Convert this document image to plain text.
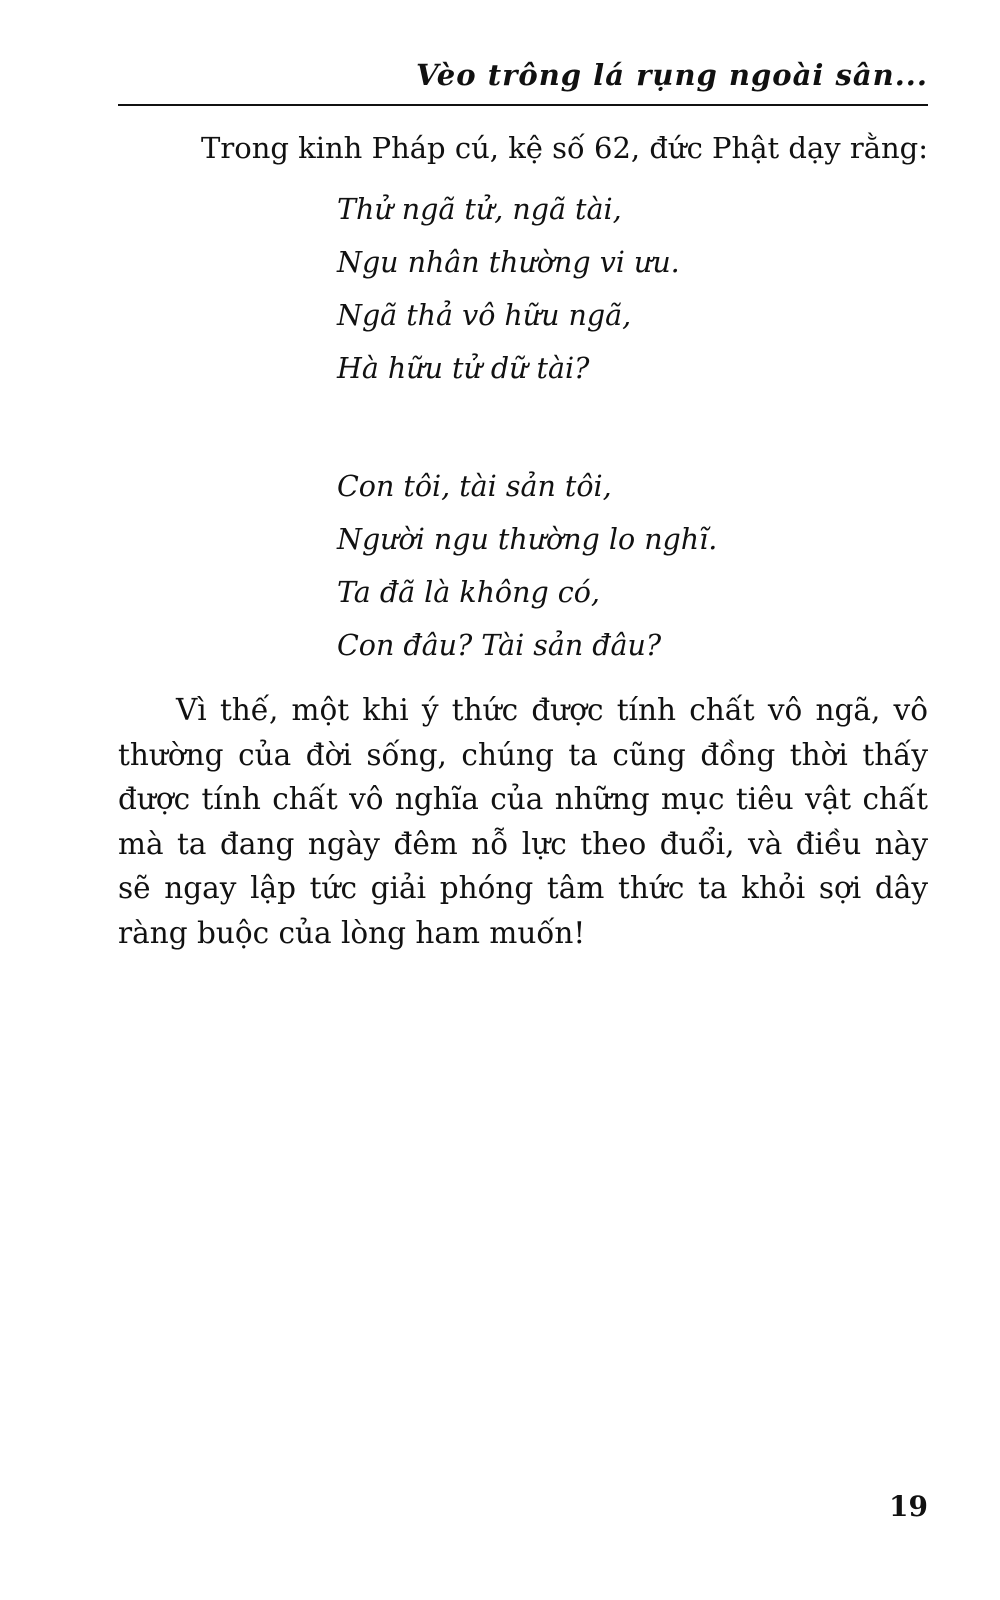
Vèo trông lá rụng ngoài sân...
Trong kinh Pháp cú, kệ số 62, đức Phật dạy rằng:
Thử ngã tử, ngã tài,
Ngu nhân thường vi ưu.
Ngã thả vô hữu ngã,
Hà hữu tử dữ tài?
Con tôi, tài sản tôi,
Người ngu thường lo nghĩ.
Ta đã là không có,
Con đâu? Tài sản đâu?
Vì thế, một khi ý thức được tính chất vô ngã, vô
thường của đời sống, chúng ta cũng đồng thời thấy
được tính chất vô nghĩa của những mục tiêu vật chất
mà ta đang ngày đêm nỗ lực theo đuổi, và điều này
sẽ ngay lập tức giải phóng tâm thức ta khỏi sợi dây
ràng buộc của lòng ham muốn!
19
